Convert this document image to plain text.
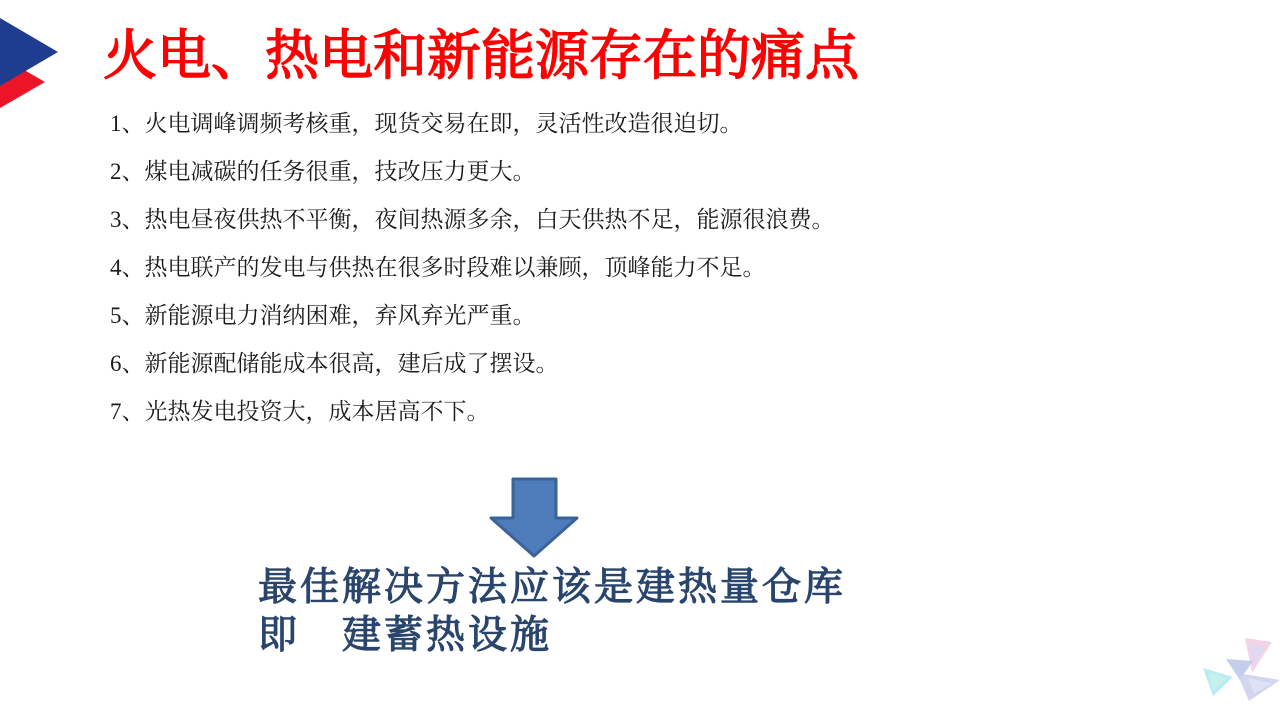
火电、热电和新能源存在的痛点
1、火电调峰调频考核重，现货交易在即，灵活性改造很迫切。
2、煤电减碳的任务很重，技改压力更大。
3、热电昼夜供热不平衡，夜间热源多余，白天供热不足，能源很浪费。
4、热电联产的发电与供热在很多时段难以兼顾，顶峰能力不足。
5、新能源电力消纳困难，弃风弃光严重。
6、新能源配储能成本很高，建后成了摆设。
7、光热发电投资大，成本居高不下。
最佳解决方法应该是建热量仓库
即　建蓄热设施
